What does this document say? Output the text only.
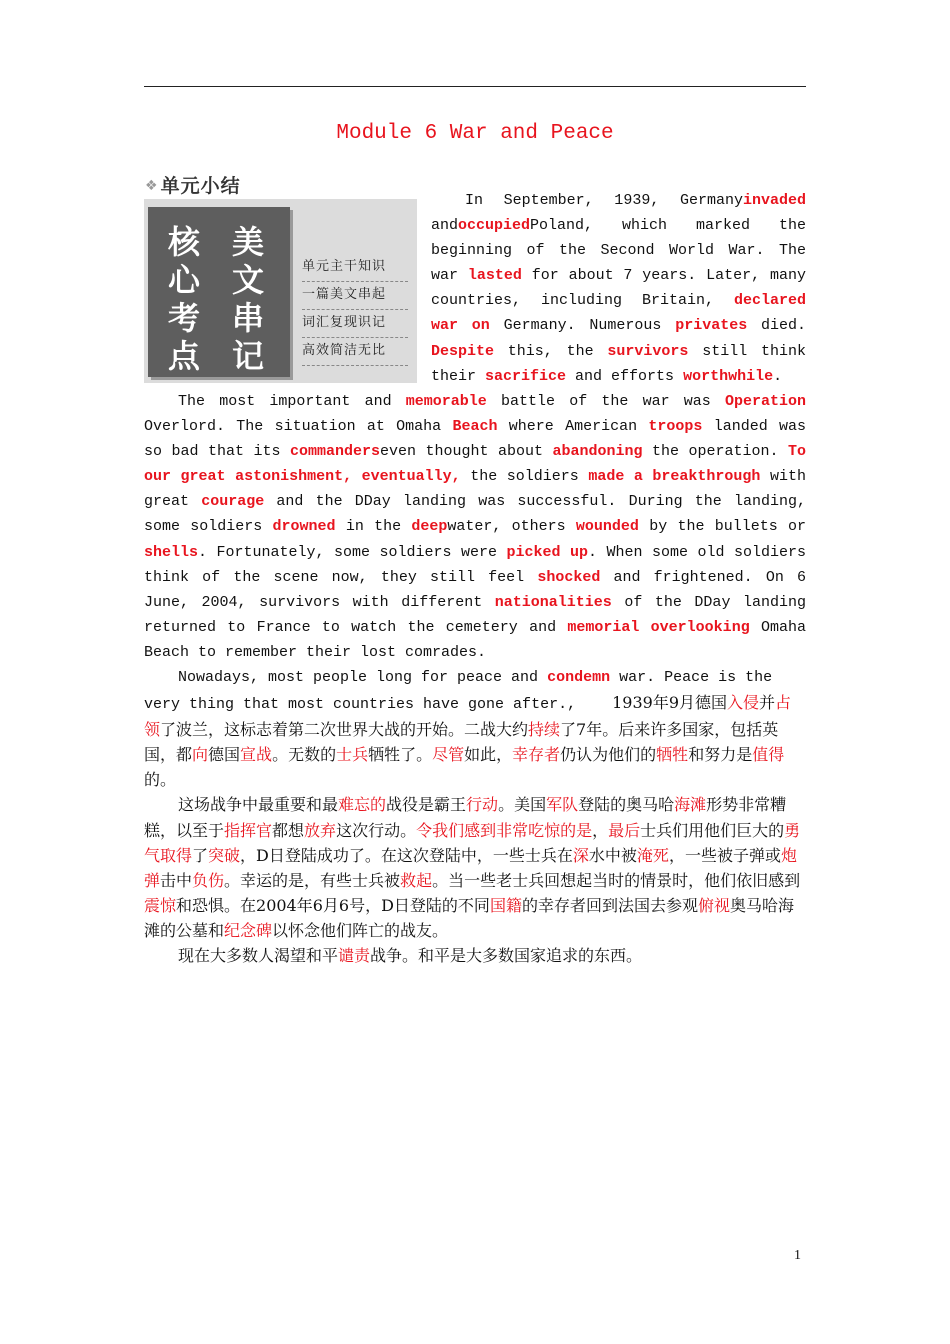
Module 6 War and Peace
❖ 单元小结
核
心
考
点
美
文
串
记
单元主干知识
一篇美文串起
词汇复现识记
高效简洁无比
In September, 1939, Germanyinvaded andoccupiedPoland, which marked the beginning of the Second World War. The war lasted for about 7 years. Later, many countries, including Britain, declared war on Germany. Numerous privates died. Despite this, the survivors still think their sacrifice and efforts worthwhile.

The most important and memorable battle of the war was Operation Overlord. The situation at Omaha Beach where American troops landed was so bad that its commanderseven thought about abandoning the operation. To our great astonishment, eventually, the soldiers made a breakthrough with great courage and the DDay landing was successful. During the landing, some soldiers drowned in the deepwater, others wounded by the bullets or shells. Fortunately, some soldiers were picked up. When some old soldiers think of the scene now, they still feel shocked and frightened. On 6 June, 2004, survivors with different nationalities of the DDay landing returned to France to watch the cemetery and memorial overlooking Omaha Beach to remember their lost comrades.

Nowadays, most people long for peace and condemn war. Peace is the very thing that most countries have gone after., 1939年9月德国入侵并占领了波兰，这标志着第二次世界大战的开始。二战大约持续了7年。后来许多国家，包括英国，都向德国宣战。无数的士兵牺牲了。尽管如此，幸存者仍认为他们的牺牲和努力是值得的。

这场战争中最重要和最难忘的战役是霸王行动。美国军队登陆的奥马哈海滩形势非常糟糕，以至于指挥官都想放弃这次行动。令我们感到非常吃惊的是，最后士兵们用他们巨大的勇气取得了突破，D日登陆成功了。在这次登陆中，一些士兵在深水中被淹死，一些被子弹或炮弹击中负伤。幸运的是，有些士兵被救起。当一些老士兵回想起当时的情景时，他们依旧感到震惊和恐惧。在2004年6月6号，D日登陆的不同国籍的幸存者回到法国去参观俯视奥马哈海滩的公墓和纪念碑以怀念他们阵亡的战友。

现在大多数人渴望和平谴责战争。和平是大多数国家追求的东西。

1
